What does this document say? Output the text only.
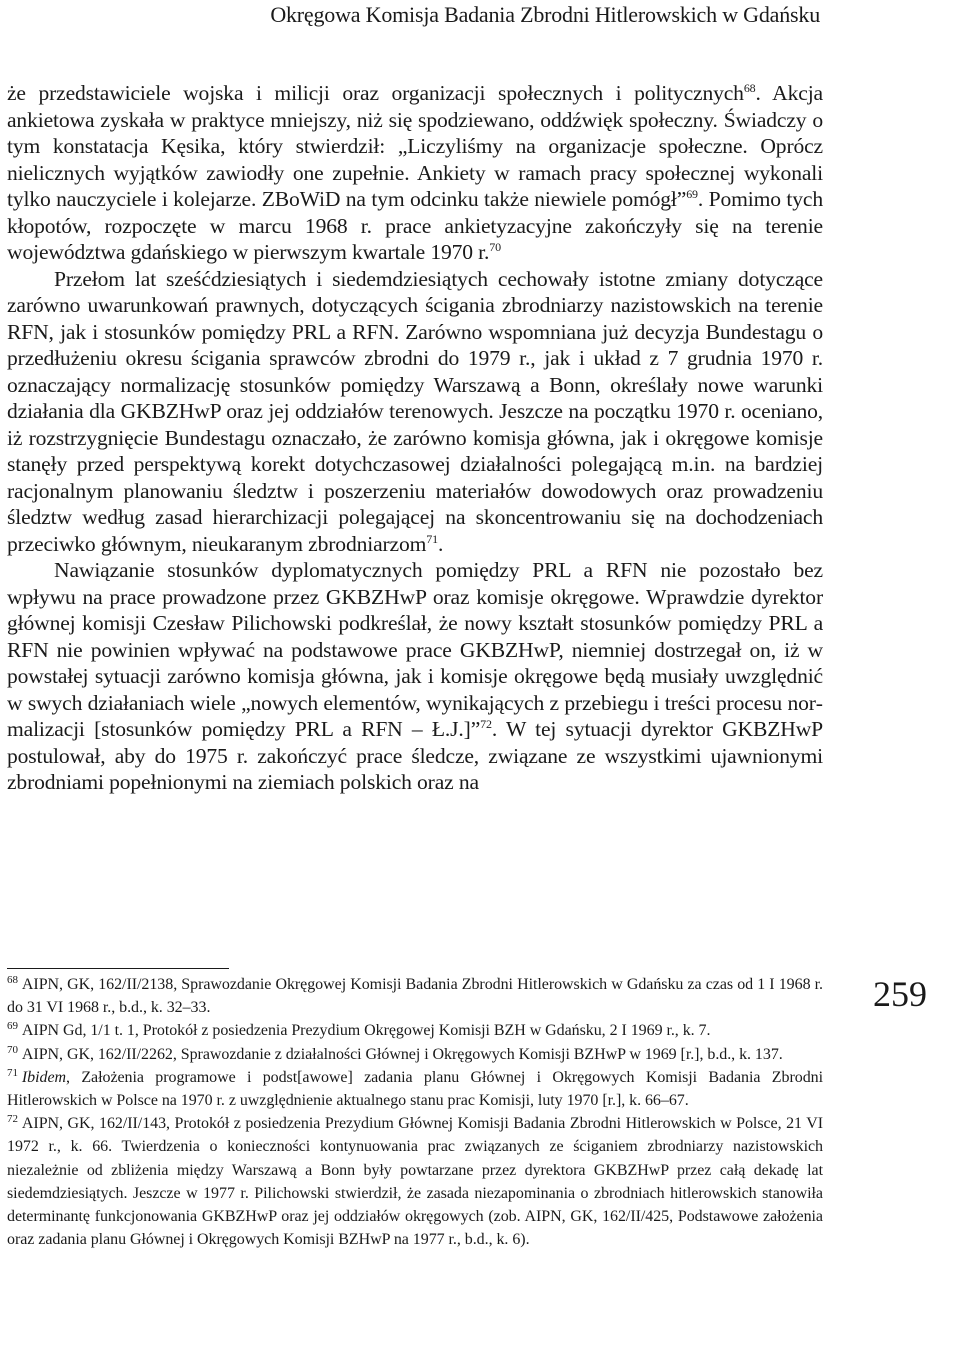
Okręgowa Komisja Badania Zbrodni Hitlerowskich w Gdańsku

że przedstawiciele wojska i milicji oraz organizacji społecznych i politycznych$^{68}$. Akcja ankietowa zyskała w praktyce mniejszy, niż się spodziewano, oddźwięk społeczny. Świadczy o tym konstatacja Kęsika, który stwierdził: „Liczyliśmy na organizacje społeczne. Oprócz nielicznych wyjątków zawiodły one zupełnie. Ankiety w ramach pracy społecznej wykonali tylko nauczyciele i kolejarze. ZBoWiD na tym odcinku także niewiele pomógł”$^{69}$. Pomimo tych kłopotów, rozpoczęte w marcu 1968 r. prace ankietyzacyjne zakończyły się na terenie województwa gdańskiego w pierwszym kwartale 1970 r.$^{70}$

Przełom lat sześćdziesiątych i siedemdziesiątych cechowały istotne zmiany dotyczące zarówno uwarunkowań prawnych, dotyczących ścigania zbrodniarzy nazistowskich na terenie RFN, jak i stosunków pomiędzy PRL a RFN. Zarówno wspomniana już decyzja Bundestagu o przedłużeniu okresu ścigania sprawców zbrodni do 1979 r., jak i układ z 7 grudnia 1970 r. oznaczający normalizację stosunków pomiędzy Warszawą a Bonn, określały nowe warunki działania dla GKBZHwP oraz jej oddziałów terenowych. Jeszcze na początku 1970 r. oceniano, iż rozstrzygnięcie Bundestagu oznaczało, że zarówno komisja główna, jak i okręgowe komisje stanęły przed perspektywą korekt dotychczasowej działalności polegającą m.in. na bardziej racjonalnym planowaniu śledztw i poszerzeniu materiałów dowodowych oraz prowadzeniu śledztw według zasad hierarchizacji polegającej na skoncentrowaniu się na dochodzeniach przeciwko głównym, nieukaranym zbrodniarzom$^{71}$.

Nawiązanie stosunków dyplomatycznych pomiędzy PRL a RFN nie pozostało bez wpływu na prace prowadzone przez GKBZHwP oraz komisje okręgowe. Wprawdzie dyrektor głównej komisji Czesław Pilichowski podkreślał, że nowy kształt stosunków pomiędzy PRL a RFN nie powinien wpływać na podstawowe prace GKBZHwP, niemniej dostrzegał on, iż w powstałej sytuacji zarówno komisja główna, jak i komisje okręgowe będą musiały uwzględnić w swych działaniach wiele „nowych elementów, wynikających z przebiegu i treści procesu normalizacji [stosunków pomiędzy PRL a RFN – Ł.J.]”$^{72}$. W tej sytuacji dyrektor GKBZHwP postulował, aby do 1975 r. zakończyć prace śledcze, związane ze wszystkimi ujawnionymi zbrodniami popełnionymi na ziemiach polskich oraz na

$^{68}$ AIPN, GK, 162/II/2138, Sprawozdanie Okręgowej Komisji Badania Zbrodni Hitlerowskich w Gdańsku za czas od 1 I 1968 r. do 31 VI 1968 r., b.d., k. 32–33.

$^{69}$ AIPN Gd, 1/1 t. 1, Protokół z posiedzenia Prezydium Okręgowej Komisji BZH w Gdańsku, 2 I 1969 r., k. 7.

$^{70}$ AIPN, GK, 162/II/2262, Sprawozdanie z działalności Głównej i Okręgowych Komisji BZHwP w 1969 [r.], b.d., k. 137.

$^{71}$ Ibidem, Założenia programowe i podst[awowe] zadania planu Głównej i Okręgowych Komisji Badania Zbrodni Hitlerowskich w Polsce na 1970 r. z uwzględnienie aktualnego stanu prac Komisji, luty 1970 [r.], k. 66–67.

$^{72}$ AIPN, GK, 162/II/143, Protokół z posiedzenia Prezydium Głównej Komisji Badania Zbrodni Hitlerowskich w Polsce, 21 VI 1972 r., k. 66. Twierdzenia o konieczności kontynuowania prac związanych ze ściganiem zbrodniarzy nazistowskich niezależnie od zbliżenia między Warszawą a Bonn były powtarzane przez dyrektora GKBZHwP przez całą dekadę lat siedemdziesiątych. Jeszcze w 1977 r. Pilichowski stwierdził, że zasada niezapominania o zbrodniach hitlerowskich stanowiła determinantę funkcjonowania GKBZHwP oraz jej oddziałów okręgowych (zob. AIPN, GK, 162/II/425, Podstawowe założenia oraz zadania planu Głównej i Okręgowych Komisji BZHwP na 1977 r., b.d., k. 6).

259
